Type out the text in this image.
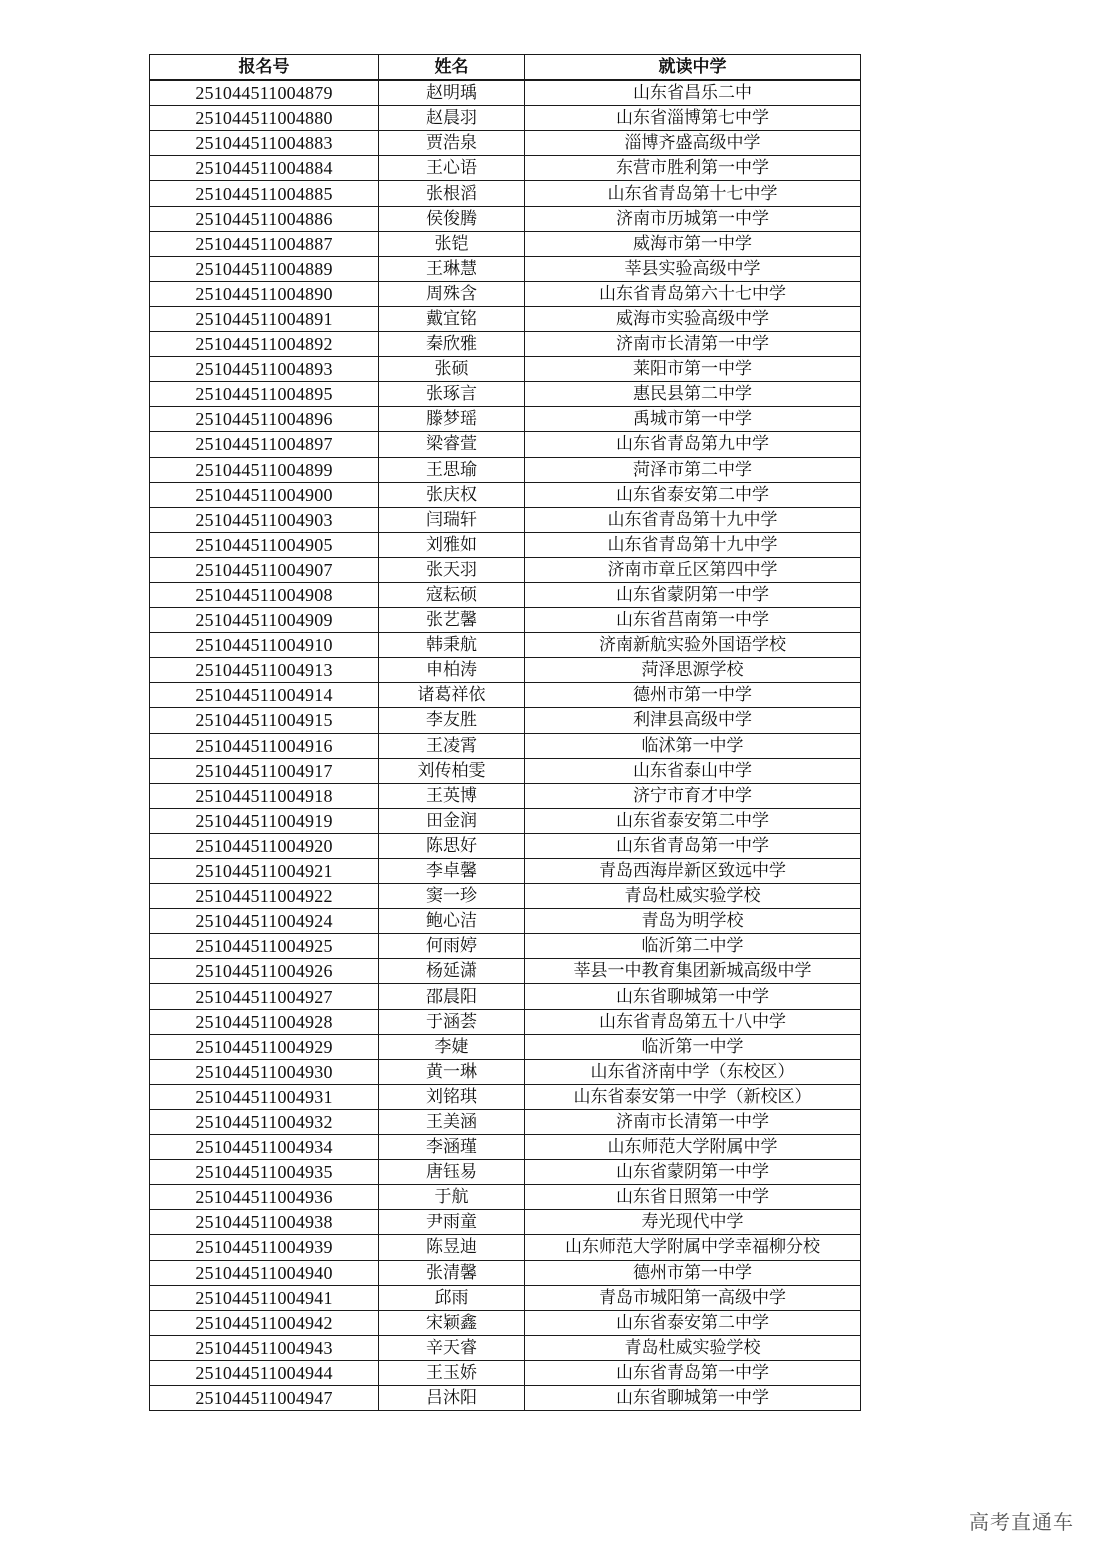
报名号	姓名	就读中学
251044511004879	赵明瑀	山东省昌乐二中
251044511004880	赵晨羽	山东省淄博第七中学
251044511004883	贾浩泉	淄博齐盛高级中学
251044511004884	王心语	东营市胜利第一中学
251044511004885	张根滔	山东省青岛第十七中学
251044511004886	侯俊腾	济南市历城第一中学
251044511004887	张铠	威海市第一中学
251044511004889	王琳慧	莘县实验高级中学
251044511004890	周殊含	山东省青岛第六十七中学
251044511004891	戴宜铭	威海市实验高级中学
251044511004892	秦欣雅	济南市长清第一中学
251044511004893	张硕	莱阳市第一中学
251044511004895	张琢言	惠民县第二中学
251044511004896	滕梦瑶	禹城市第一中学
251044511004897	梁睿萱	山东省青岛第九中学
251044511004899	王思瑜	菏泽市第二中学
251044511004900	张庆权	山东省泰安第二中学
251044511004903	闫瑞轩	山东省青岛第十九中学
251044511004905	刘雅如	山东省青岛第十九中学
251044511004907	张天羽	济南市章丘区第四中学
251044511004908	寇耘硕	山东省蒙阴第一中学
251044511004909	张艺馨	山东省莒南第一中学
251044511004910	韩秉航	济南新航实验外国语学校
251044511004913	申柏涛	菏泽思源学校
251044511004914	诸葛祥依	德州市第一中学
251044511004915	李友胜	利津县高级中学
251044511004916	王凌霄	临沭第一中学
251044511004917	刘传柏雯	山东省泰山中学
251044511004918	王英博	济宁市育才中学
251044511004919	田金润	山东省泰安第二中学
251044511004920	陈思好	山东省青岛第一中学
251044511004921	李卓馨	青岛西海岸新区致远中学
251044511004922	窦一珍	青岛杜威实验学校
251044511004924	鲍心洁	青岛为明学校
251044511004925	何雨婷	临沂第二中学
251044511004926	杨延潇	莘县一中教育集团新城高级中学
251044511004927	邵晨阳	山东省聊城第一中学
251044511004928	于涵荟	山东省青岛第五十八中学
251044511004929	李婕	临沂第一中学
251044511004930	黄一琳	山东省济南中学（东校区）
251044511004931	刘铭琪	山东省泰安第一中学（新校区）
251044511004932	王美涵	济南市长清第一中学
251044511004934	李涵瑾	山东师范大学附属中学
251044511004935	唐钰易	山东省蒙阴第一中学
251044511004936	于航	山东省日照第一中学
251044511004938	尹雨童	寿光现代中学
251044511004939	陈昱迪	山东师范大学附属中学幸福柳分校
251044511004940	张清馨	德州市第一中学
251044511004941	邱雨	青岛市城阳第一高级中学
251044511004942	宋颖鑫	山东省泰安第二中学
251044511004943	辛天睿	青岛杜威实验学校
251044511004944	王玉娇	山东省青岛第一中学
251044511004947	吕沐阳	山东省聊城第一中学
高考直通车
